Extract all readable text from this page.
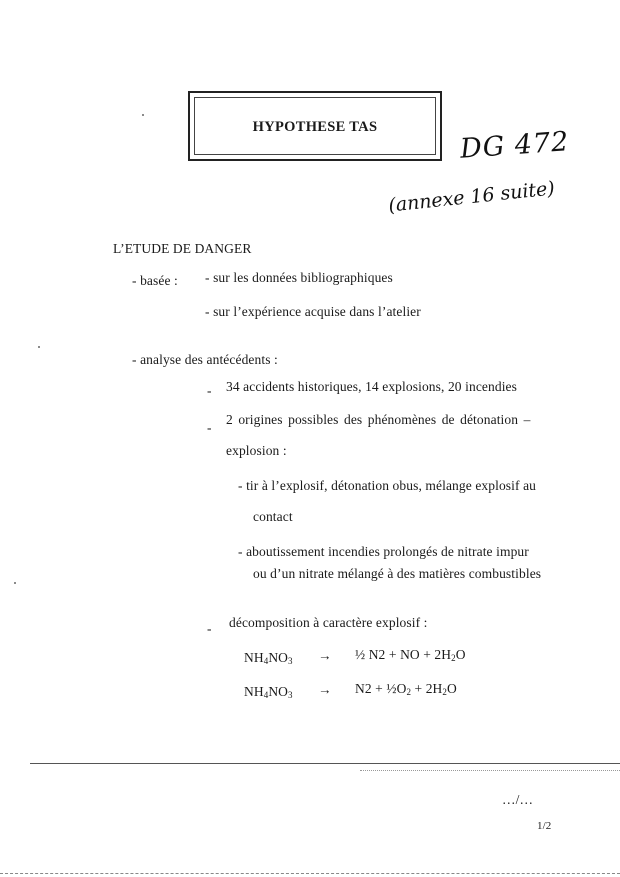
HYPOTHESE TAS	DG 472
(annexe 16 suite)
L’ETUDE DE DANGER
- basée : - sur les données bibliographiques
- sur l’expérience acquise dans l’atelier
- analyse des antécédents :
- 34 accidents historiques, 14 explosions, 20 incendies
-
2 origines possibles des phénomènes de détonation –
explosion :
- tir à l’explosif, détonation obus, mélange explosif au
contact
- aboutissement incendies prolongés de nitrate impur
ou d’un nitrate mélangé à des matières combustibles
- décomposition à caractère explosif :
$NH_4NO_3$ → ½ N2 + NO + $2H_2O$
$NH_4NO_3 \to N2$ + $\frac{1}{2}O_2 + 2H_2O$
…/…
1/2
